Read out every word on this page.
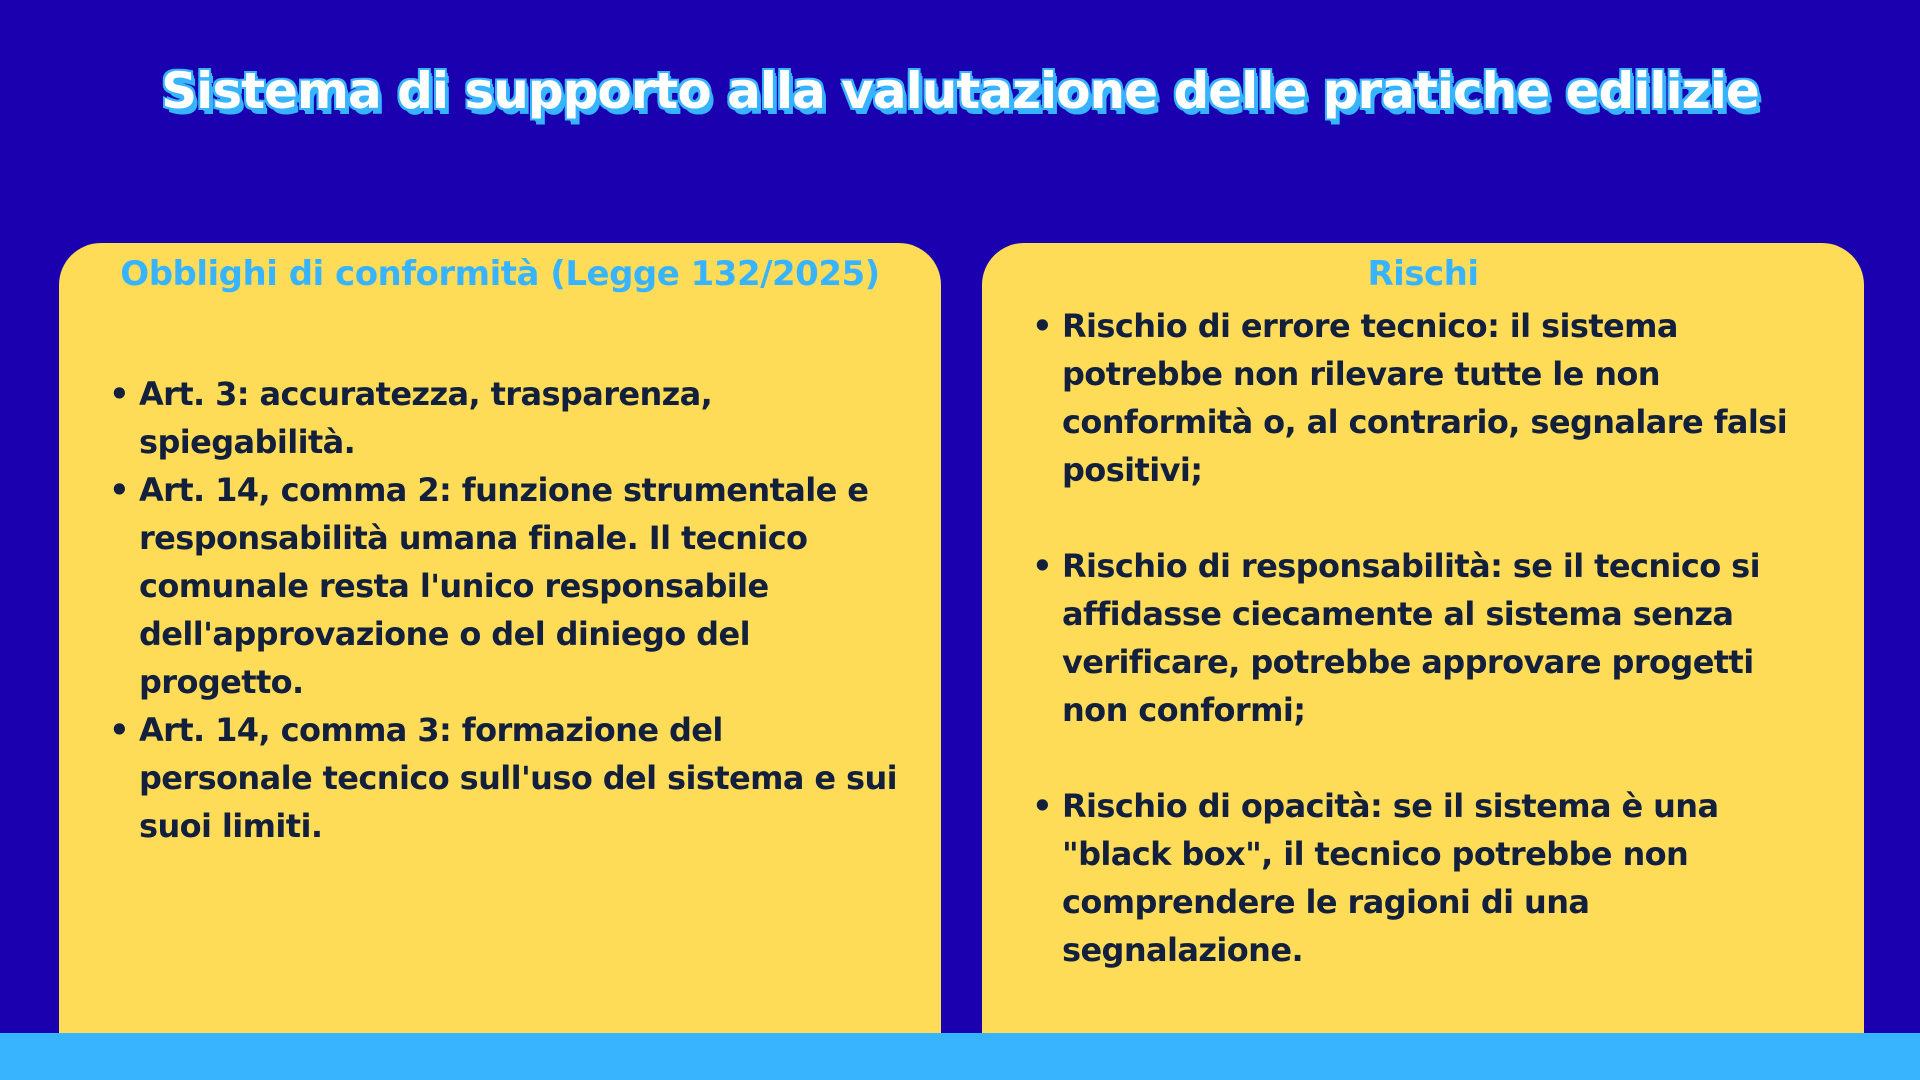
Sistema di supporto alla valutazione delle pratiche edilizie
Obblighi di conformità (Legge 132/2025)
• Art. 3: accuratezza, trasparenza, spiegabilità.
• Art. 14, comma 2: funzione strumentale e responsabilità umana finale. Il tecnico comunale resta l'unico responsabile dell'approvazione o del diniego del progetto.
• Art. 14, comma 3: formazione del personale tecnico sull'uso del sistema e sui suoi limiti.
Rischi
• Rischio di errore tecnico: il sistema potrebbe non rilevare tutte le non conformità o, al contrario, segnalare falsi positivi;
• Rischio di responsabilità: se il tecnico si affidasse ciecamente al sistema senza verificare, potrebbe approvare progetti non conformi;
• Rischio di opacità: se il sistema è una "black box", il tecnico potrebbe non comprendere le ragioni di una segnalazione.
